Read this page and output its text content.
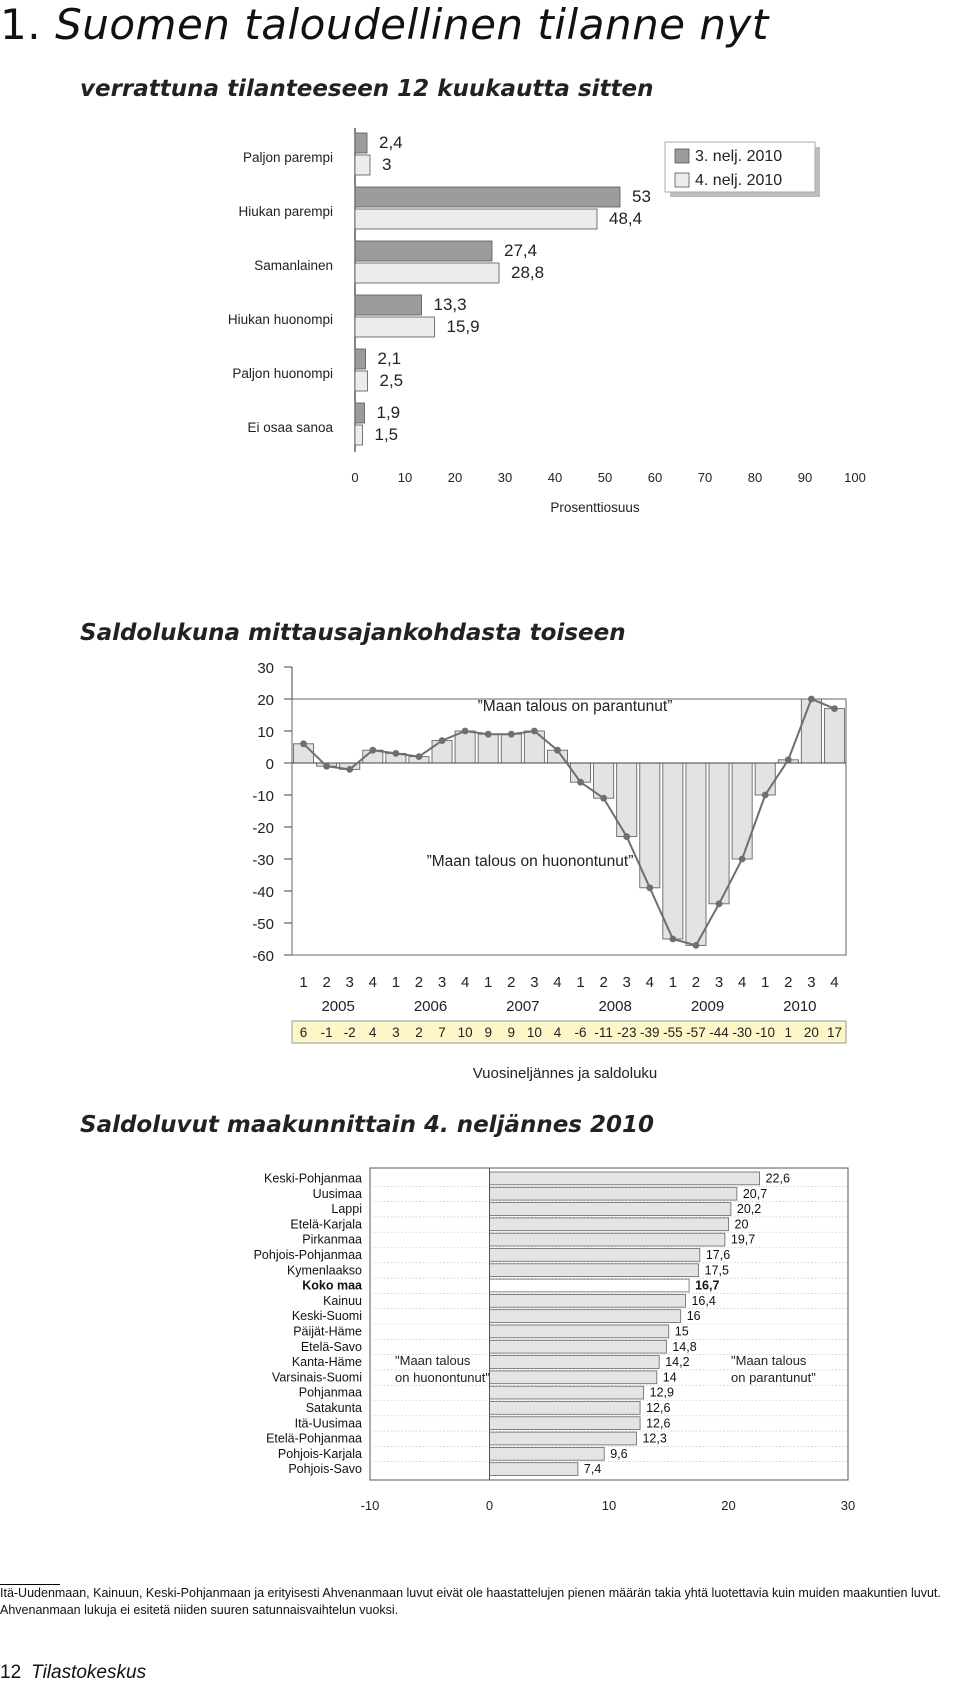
1. Suomen taloudellinen tilanne nyt
verrattuna tilanteeseen 12 kuukautta sitten
0	10	20	30	40	50	60	70	80	90 100
Prosenttiosuus
Paljon parempi
2,4
3
Hiukan parempi
53
48,4
Samanlainen
27,4
28,8
Hiukan huonompi
13,3
15,9
Paljon huonompi
2,1
2,5
Ei osaa sanoa
1,9
1,5
3. nelj. 2010
4. nelj. 2010
Saldolukuna mittausajankohdasta toiseen
30
20
10
0
-10
-20
-30
-40
-50
-60
”Maan talous on parantunut”
”Maan talous on huonontunut”
1 2 3 4 1 2 3 4 1 2 3 4 1 2 3 4 1 2 3 4 1 2 3 4
2005	2006	2007	2008	2009	2010
6 -1 -2 4 3 2 7 10 9 9 10 4 -6 -11 -23 -39 -55 -57 -44 -30 -10 1 20 17
Vuosineljännes ja saldoluku
Saldoluvut maakunnittain 4. neljännes 2010
Keski-Pohjanmaa	22,6
Uusimaa	20,7
Lappi	20,2
Etelä-Karjala	20
Pirkanmaa	19,7
Pohjois-Pohjanmaa	17,6
Kymenlaakso	17,5
Koko maa	16,7
Kainuu	16,4
Keski-Suomi	16
Päijät-Häme	15
Etelä-Savo	14,8
Kanta-Häme	14,2
Varsinais-Suomi	14
Pohjanmaa	12,9
Satakunta	12,6
Itä-Uusimaa	12,6
Etelä-Pohjanmaa	12,3
Pohjois-Karjala	9,6
Pohjois-Savo	7,4
-10	0	10	20	30
"Maan talous
on huonontunut"
"Maan talous
on parantunut"
Itä-Uudenmaan, Kainuun, Keski-Pohjanmaan ja erityisesti Ahvenanmaan luvut eivät ole haastattelujen pienen määrän takia yhtä luotettavia kuin muiden maakuntien luvut.
Ahvenanmaan lukuja ei esitetä niiden suuren satunnaisvaihtelun vuoksi.
12 Tilastokeskus
